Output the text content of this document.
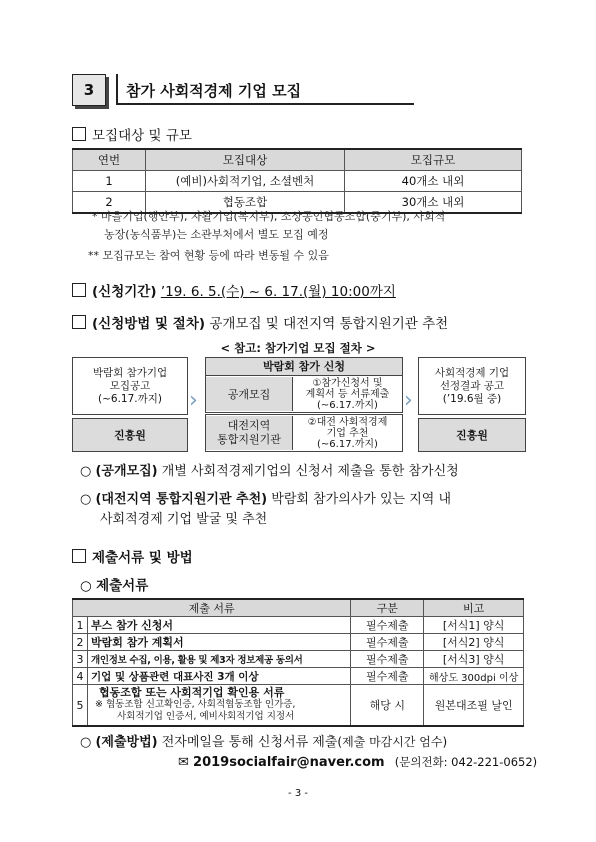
3 참가 사회적경제 기업 모집
모집대상 및 규모
연번	모집대상	모집규모
1	(예비)사회적기업, 소셜벤처	40개소 내외
2	협동조합	30개소 내외
* 마을기업(행안부), 자활기업(복지부), 소상공인협동조합(중기부), 사회적
농장(농식품부)는 소관부처에서 별도 모집 예정
** 모집규모는 참여 현황 등에 따라 변동될 수 있음
(신청기간) ’19. 6. 5.(수) ~ 6. 17.(월) 10:00까지
(신청방법 및 절차) 공개모집 및 대전지역 통합지원기관 추천
< 참고: 참가기업 모집 절차 >
박람회 참가기업
모집공고
(~6.17.까지)
진흥원
›
박람회 참가 신청
공개모집
①참가신청서 및
계획서 등 서류제출
(~6.17.까지)
대전지역
통합지원기관
②대전 사회적경제
기업 추천
(~6.17.까지)
›
사회적경제 기업
선정결과 공고
(’19.6월 중)
진흥원
○ (공개모집) 개별 사회적경제기업의 신청서 제출을 통한 참가신청
○ (대전지역 통합지원기관 추천) 박람회 참가의사가 있는 지역 내
사회적경제 기업 발굴 및 추천
제출서류 및 방법
○ 제출서류
제출 서류		구분	비고
1	부스 참가 신청서	필수제출	[서식1] 양식
2	박람회 참가 계획서	필수제출	[서식2] 양식
3	개인정보 수집, 이용, 활용 및 제3자 정보제공 동의서	필수제출	[서식3] 양식
4	기업 및 상품관련 대표사진 3개 이상	필수제출	해상도 300dpi 이상
5	협동조합 또는 사회적기업 확인용 서류
※ 협동조합 신고확인증, 사회적협동조합 인가증,
사회적기업 인증서, 예비사회적기업 지정서	해당 시	원본대조필 날인
○ (제출방법) 전자메일을 통해 신청서류 제출(제출 마감시간 엄수)
✉ 2019socialfair@naver.com (문의전화: 042-221-0652)
- 3 -
